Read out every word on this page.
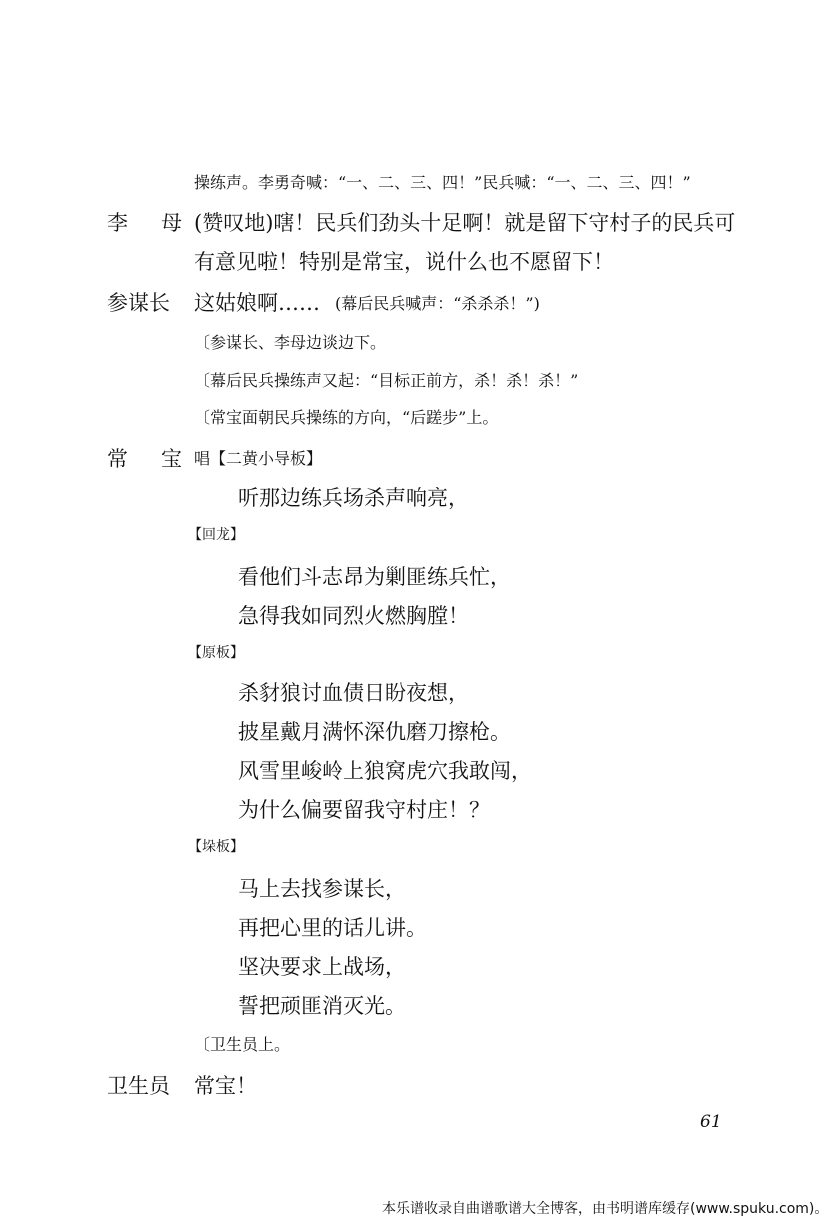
操练声。李勇奇喊：“一、二、三、四！”民兵喊：“一、二、三、四！”
李　母 (赞叹地)嗐！民兵们劲头十足啊！就是留下守村子的民兵可
有意见啦！特别是常宝，说什么也不愿留下！
参谋长 这姑娘啊…… (幕后民兵喊声：“杀杀杀！”)
〔参谋长、李母边谈边下。
〔幕后民兵操练声又起：“目标正前方，杀！杀！杀！”
〔常宝面朝民兵操练的方向，“后蹉步”上。
常　宝 唱【二黄小导板】
听那边练兵场杀声响亮，
【回龙】
看他们斗志昂为剿匪练兵忙，
急得我如同烈火燃胸膛！
【原板】
杀豺狼讨血债日盼夜想，
披星戴月满怀深仇磨刀擦枪。
风雪里峻岭上狼窝虎穴我敢闯，
为什么偏要留我守村庄！？
【垛板】
马上去找参谋长，
再把心里的话儿讲。
坚决要求上战场，
誓把顽匪消灭光。
〔卫生员上。
卫生员 常宝！
61
本乐谱收录自曲谱歌谱大全博客，由书明谱库缓存(www.spuku.com)。
